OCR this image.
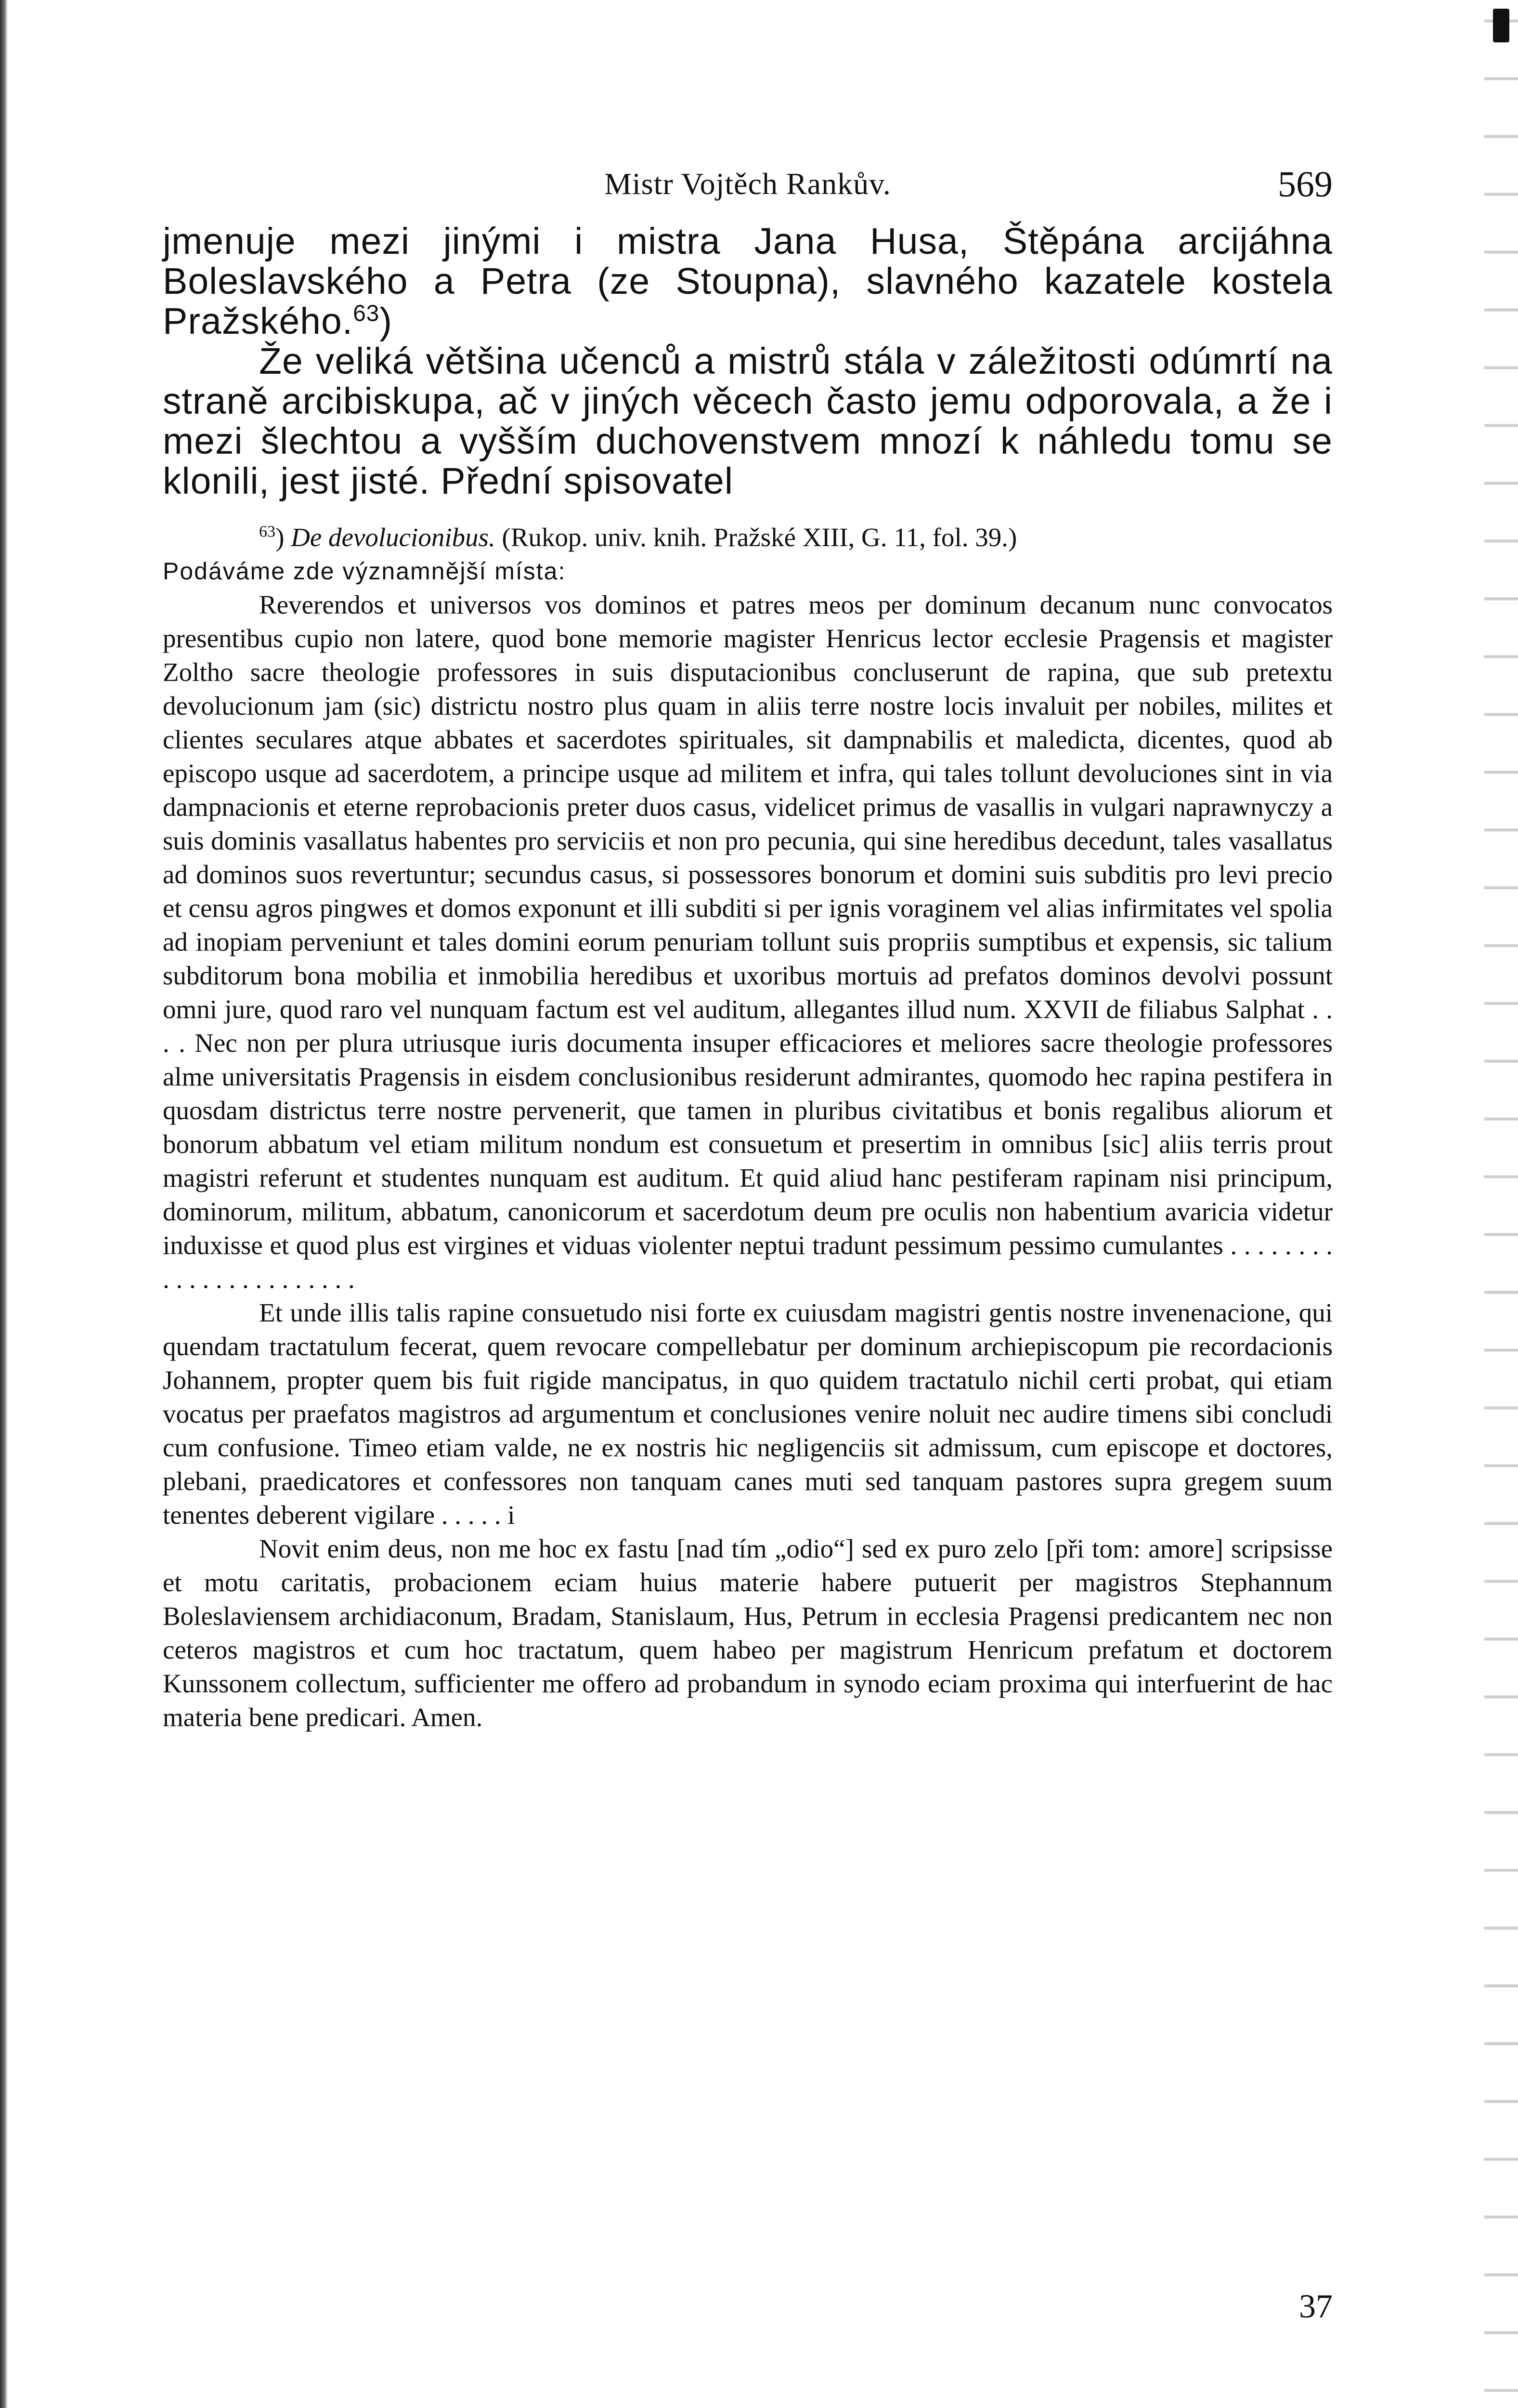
Mistr Vojtěch Rankův.	569

jmenuje mezi jinými i mistra Jana Husa, Štěpána arcijáhna Boleslavského a Petra (ze Stoupna), slavného kazatele kostela Pražského.$^{63}$)

Že veliká většina učenců a mistrů stála v záležitosti odúmrtí na straně arcibiskupa, ač v jiných věcech často jemu odporovala, a že i mezi šlechtou a vyšším duchovenstvem mnozí k náhledu tomu se klonili, jest jisté. Přední spisovatel

$^{63}$) De devolucionibus. (Rukop. univ. knih. Pražské XIII, G. 11, fol. 39.)

Podáváme zde významnější místa:

Reverendos et universos vos dominos et patres meos per dominum decanum nunc convocatos presentibus cupio non latere, quod bone memorie magister Henricus lector ecclesie Pragensis et magister Zoltho sacre theologie professores in suis disputacionibus concluserunt de rapina, que sub pretextu devolucionum jam (sic) districtu nostro plus quam in aliis terre nostre locis invaluit per nobiles, milites et clientes seculares atque abbates et sacerdotes spirituales, sit dampnabilis et maledicta, dicentes, quod ab episcopo usque ad sacerdotem, a principe usque ad militem et infra, qui tales tollunt devoluciones sint in via dampnacionis et eterne reprobacionis preter duos casus, videlicet primus de vasallis in vulgari naprawnyczy a suis dominis vasallatus habentes pro serviciis et non pro pecunia, qui sine heredibus decedunt, tales vasallatus ad dominos suos revertuntur; secundus casus, si possessores bonorum et domini suis subditis pro levi precio et censu agros pingwes et domos exponunt et illi subditi si per ignis voraginem vel alias infirmitates vel spolia ad inopiam perveniunt et tales domini eorum penuriam tollunt suis propriis sumptibus et expensis, sic talium subditorum bona mobilia et inmobilia heredibus et uxoribus mortuis ad prefatos dominos devolvi possunt omni jure, quod raro vel nunquam factum est vel auditum, allegantes illud num. XXVII de filiabus Salphat . . . . Nec non per plura utriusque iuris documenta insuper efficaciores et meliores sacre theologie professores alme universitatis Pragensis in eisdem conclusionibus residerunt admirantes, quomodo hec rapina pestifera in quosdam districtus terre nostre pervenerit, que tamen in pluribus civitatibus et bonis regalibus aliorum et bonorum abbatum vel etiam militum nondum est consuetum et presertim in omnibus [sic] aliis terris prout magistri referunt et studentes nunquam est auditum. Et quid aliud hanc pestiferam rapinam nisi principum, dominorum, militum, abbatum, canonicorum et sacerdotum deum pre oculis non habentium avaricia videtur induxisse et quod plus est virgines et viduas violenter neptui tradunt pessimum pessimo cumulantes . . . . . . . . . . . . . . . . . . . . . . .

Et unde illis talis rapine consuetudo nisi forte ex cuiusdam magistri gentis nostre invenenacione, qui quendam tractatulum fecerat, quem revocare compellebatur per dominum archiepiscopum pie recordacionis Johannem, propter quem bis fuit rigide mancipatus, in quo quidem tractatulo nichil certi probat, qui etiam vocatus per praefatos magistros ad argumentum et conclusiones venire noluit nec audire timens sibi concludi cum confusione. Timeo etiam valde, ne ex nostris hic negligenciis sit admissum, cum episcope et doctores, plebani, praedicatores et confessores non tanquam canes muti sed tanquam pastores supra gregem suum tenentes deberent vigilare . . . . . i

Novit enim deus, non me hoc ex fastu [nad tím „odio“] sed ex puro zelo [při tom: amore] scripsisse et motu caritatis, probacionem eciam huius materie habere putuerit per magistros Stephannum Boleslaviensem archidiaconum, Bradam, Stanislaum, Hus, Petrum in ecclesia Pragensi predicantem nec non ceteros magistros et cum hoc tractatum, quem habeo per magistrum Henricum prefatum et doctorem Kunssonem collectum, sufficienter me offero ad probandum in synodo eciam proxima qui interfuerint de hac materia bene predicari. Amen.

37
